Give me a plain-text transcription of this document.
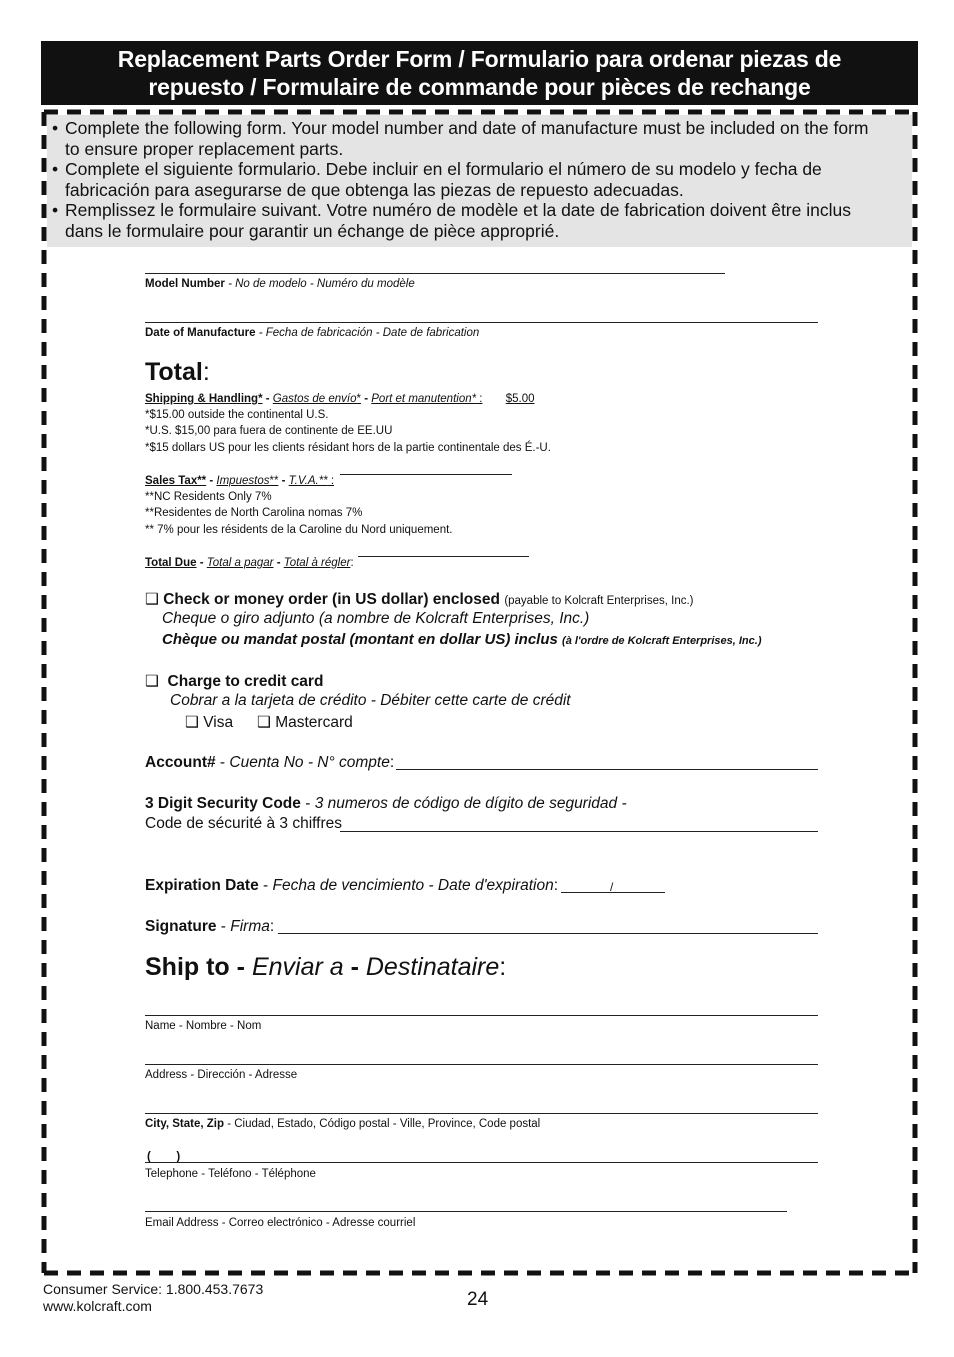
Replacement Parts Order Form / Formulario para ordenar piezas de
repuesto / Formulaire de commande pour pièces de rechange
• Complete the following form. Your model number and date of manufacture must be included on the form
to ensure proper replacement parts.
• Complete el siguiente formulario. Debe incluir en el formulario el número de su modelo y fecha de
fabricación para asegurarse de que obtenga las piezas de repuesto adecuadas.
• Remplissez le formulaire suivant. Votre numéro de modèle et la date de fabrication doivent être inclus
dans le formulaire pour garantir un échange de pièce approprié.
Model Number - No de modelo - Numéro du modèle
Date of Manufacture - Fecha de fabricación - Date de fabrication
Total:
Shipping & Handling* - Gastos de envío* - Port et manutention* : $5.00
*$15.00 outside the continental U.S.
*U.S. $15,00 para fuera de continente de EE.UU
*$15 dollars US pour les clients résidant hors de la partie continentale des É.-U.
Sales Tax** - Impuestos** - T.V.A.** :
**NC Residents Only 7%
**Residentes de North Carolina nomas 7%
** 7% pour les résidents de la Caroline du Nord uniquement.
Total Due - Total a pagar - Total à régler:
❑ Check or money order (in US dollar) enclosed (payable to Kolcraft Enterprises, Inc.)
Cheque o giro adjunto (a nombre de Kolcraft Enterprises, Inc.)
Chèque ou mandat postal (montant en dollar US) inclus (à l'ordre de Kolcraft Enterprises, Inc.)
❑ Charge to credit card
Cobrar a la tarjeta de crédito - Débiter cette carte de crédit
❑ Visa ❑ Mastercard
Account# - Cuenta No - N° compte:
3 Digit Security Code - 3 numeros de código de dígito de seguridad -
Code de sécurité à 3 chiffres
Expiration Date - Fecha de vencimiento - Date d'expiration:	/
Signature - Firma:
Ship to - Enviar a - Destinataire:
Name - Nombre - Nom
Address - Dirección - Adresse
City, State, Zip - Ciudad, Estado, Código postal - Ville, Province, Code postal
(        )
Telephone - Teléfono - Téléphone
Email Address - Correo electrónico - Adresse courriel
Consumer Service: 1.800.453.7673
www.kolcraft.com	24
